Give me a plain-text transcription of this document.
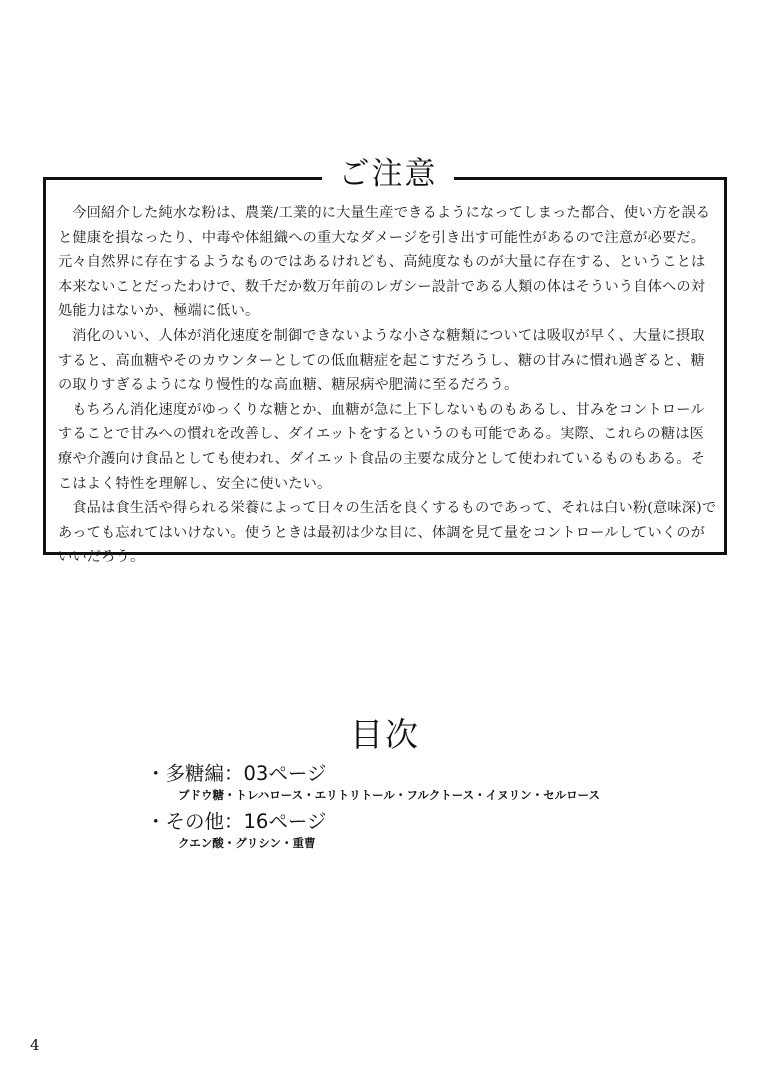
ご注意

今回紹介した純水な粉は、農業/工業的に大量生産できるようになってしまった都合、使い方を誤ると健康を損なったり、中毒や体組織への重大なダメージを引き出す可能性があるので注意が必要だ。元々自然界に存在するようなものではあるけれども、高純度なものが大量に存在する、ということは本来ないことだったわけで、数千だか数万年前のレガシー設計である人類の体はそういう自体への対処能力はないか、極端に低い。

消化のいい、人体が消化速度を制御できないような小さな糖類については吸収が早く、大量に摂取すると、高血糖やそのカウンターとしての低血糖症を起こすだろうし、糖の甘みに慣れ過ぎると、糖の取りすぎるようになり慢性的な高血糖、糖尿病や肥満に至るだろう。

もちろん消化速度がゆっくりな糖とか、血糖が急に上下しないものもあるし、甘みをコントロールすることで甘みへの慣れを改善し、ダイエットをするというのも可能である。実際、これらの糖は医療や介護向け食品としても使われ、ダイエット食品の主要な成分として使われているものもある。そこはよく特性を理解し、安全に使いたい。

食品は食生活や得られる栄養によって日々の生活を良くするものであって、それは白い粉(意味深)であっても忘れてはいけない。使うときは最初は少な目に、体調を見て量をコントロールしていくのがいいだろう。

目次
・多糖編：03ページ
ブドウ糖・トレハロース・エリトリトール・フルクトース・イヌリン・セルロース
・その他：16ページ
クエン酸・グリシン・重曹
4
